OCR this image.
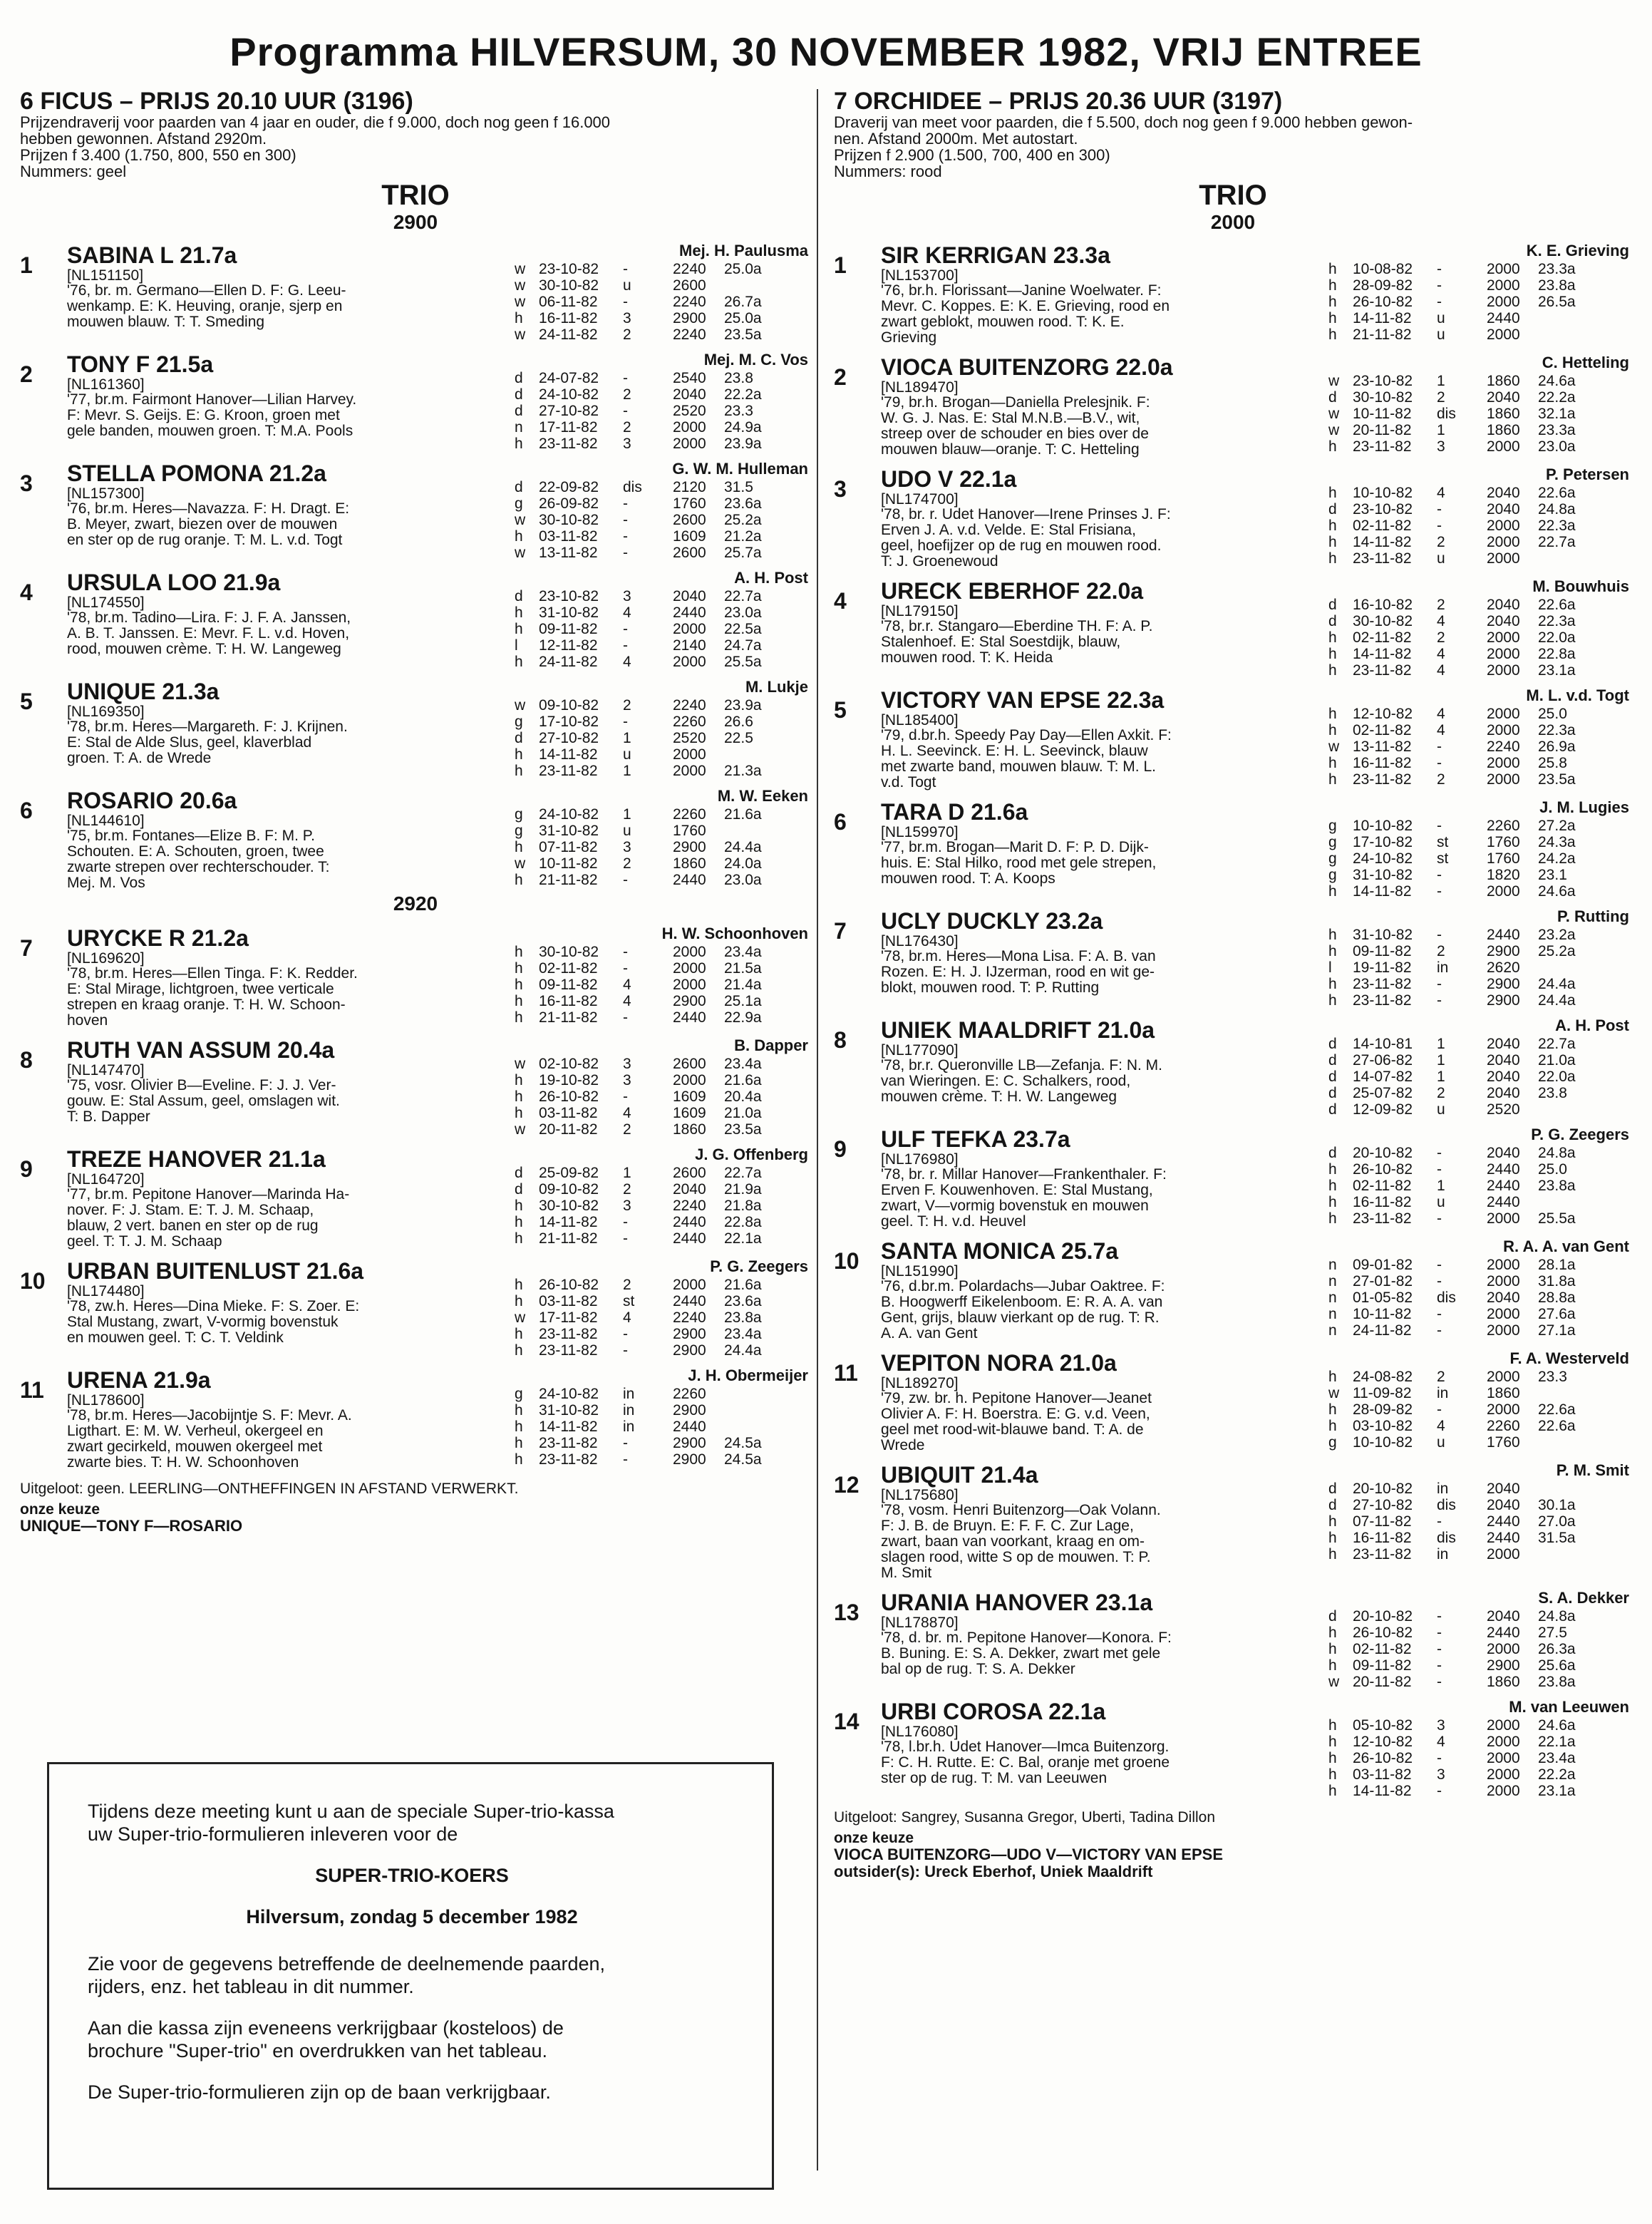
Programma HILVERSUM, 30 NOVEMBER 1982, VRIJ ENTREE
6 FICUS – PRIJS 20.10 UUR (3196)
Prijzendraverij voor paarden van 4 jaar en ouder, die f 9.000, doch nog geen f 16.000
hebben gewonnen. Afstand 2920m.
Prijzen f 3.400 (1.750, 800, 550 en 300)
Nummers: geel
TRIO
2900
1	SABINA L 21.7a
[NL151150]
'76, br. m. Germano—Ellen D. F: G. Leeu-
wenkamp. E: K. Heuving, oranje, sjerp en
mouwen blauw. T: T. Smeding
Mej. H. Paulusma
w 23-10-82	-	2240	25.0a
w 30-10-82	u	2600
w 06-11-82	-	2240	26.7a
h	16-11-82	3	2900	25.0a
w 24-11-82	2	2240	23.5a
2	TONY F 21.5a
[NL161360]
'77, br.m. Fairmont Hanover—Lilian Harvey.
F: Mevr. S. Geijs. E: G. Kroon, groen met
gele banden, mouwen groen. T: M.A. Pools
Mej. M. C. Vos
d	24-07-82	-	2540	23.8
d	24-10-82	2	2040	22.2a
d	27-10-82	-	2520	23.3
n	17-11-82	2	2000	24.9a
h	23-11-82	3	2000	23.9a
3	STELLA POMONA 21.2a
[NL157300]
'76, br.m. Heres—Navazza. F: H. Dragt. E:
B. Meyer, zwart, biezen over de mouwen
en ster op de rug oranje. T: M. L. v.d. Togt
G. W. M. Hulleman
d	22-09-82	dis	2120	31.5
g	26-09-82	-	1760	23.6a
w 30-10-82	-	2600	25.2a
h	03-11-82	-	1609	21.2a
w 13-11-82	-	2600	25.7a
4	URSULA LOO 21.9a
[NL174550]
'78, br.m. Tadino—Lira. F: J. F. A. Janssen,
A. B. T. Janssen. E: Mevr. F. L. v.d. Hoven,
rood, mouwen crème. T: H. W. Langeweg
A. H. Post
d	23-10-82	3	2040	22.7a
h	31-10-82	4	2440	23.0a
h	09-11-82	-	2000	22.5a
l	12-11-82	-	2140	24.7a
h	24-11-82	4	2000	25.5a
5	UNIQUE 21.3a
[NL169350]
'78, br.m. Heres—Margareth. F: J. Krijnen.
E: Stal de Alde Slus, geel, klaverblad
groen. T: A. de Wrede
M. Lukje
w 09-10-82	2	2240	23.9a
g	17-10-82	-	2260	26.6
d	27-10-82	1	2520	22.5
h	14-11-82	u	2000
h	23-11-82	1	2000	21.3a
6	ROSARIO 20.6a
[NL144610]
'75, br.m. Fontanes—Elize B. F: M. P.
Schouten. E: A. Schouten, groen, twee
zwarte strepen over rechterschouder. T:
Mej. M. Vos
M. W. Eeken
g	24-10-82	1	2260	21.6a
g	31-10-82	u	1760
h	07-11-82	3	2900	24.4a
w 10-11-82	2	1860	24.0a
h	21-11-82	-	2440	23.0a
2920
7	URYCKE R 21.2a
[NL169620]
'78, br.m. Heres—Ellen Tinga. F: K. Redder.
E: Stal Mirage, lichtgroen, twee verticale
strepen en kraag oranje. T: H. W. Schoon-
hoven
H. W. Schoonhoven
h	30-10-82	-	2000	23.4a
h	02-11-82	-	2000	21.5a
h	09-11-82	4	2000	21.4a
h	16-11-82	4	2900	25.1a
h	21-11-82	-	2440	22.9a
8	RUTH VAN ASSUM 20.4a
[NL147470]
'75, vosr. Olivier B—Eveline. F: J. J. Ver-
gouw. E: Stal Assum, geel, omslagen wit.
T: B. Dapper
B. Dapper
w 02-10-82	3	2600	23.4a
h	19-10-82	3	2000	21.6a
h	26-10-82	-	1609	20.4a
h	03-11-82	4	1609	21.0a
w 20-11-82	2	1860	23.5a
9	TREZE HANOVER 21.1a
[NL164720]
'77, br.m. Pepitone Hanover—Marinda Ha-
nover. F: J. Stam. E: T. J. M. Schaap,
blauw, 2 vert. banen en ster op de rug
geel. T: T. J. M. Schaap
J. G. Offenberg
d	25-09-82	1	2600	22.7a
d	09-10-82	2	2040	21.9a
h	30-10-82	3	2240	21.8a
h	14-11-82	-	2440	22.8a
h	21-11-82	-	2440	22.1a
10 URBAN BUITENLUST 21.6a
[NL174480]
'78, zw.h. Heres—Dina Mieke. F: S. Zoer. E:
Stal Mustang, zwart, V-vormig bovenstuk
en mouwen geel. T: C. T. Veldink
P. G. Zeegers
h	26-10-82	2	2000	21.6a
h	03-11-82	st	2440	23.6a
w 17-11-82	4	2240	23.8a
h	23-11-82	-	2900	23.4a
h	23-11-82	-	2900	24.4a
11	URENA 21.9a
[NL178600]
'78, br.m. Heres—Jacobijntje S. F: Mevr. A.
Ligthart. E: M. W. Verheul, okergeel en
zwart gecirkeld, mouwen okergeel met
zwarte bies. T: H. W. Schoonhoven
J. H. Obermeijer
g	24-10-82	in	2260
h	31-10-82	in	2900
h	14-11-82	in	2440
h	23-11-82	-	2900	24.5a
h	23-11-82	-	2900	24.5a
Uitgeloot: geen. LEERLING—ONTHEFFINGEN IN AFSTAND VERWERKT.
onze keuze
UNIQUE—TONY F—ROSARIO
7 ORCHIDEE – PRIJS 20.36 UUR (3197)
Draverij van meet voor paarden, die f 5.500, doch nog geen f 9.000 hebben gewon-
nen. Afstand 2000m. Met autostart.
Prijzen f 2.900 (1.500, 700, 400 en 300)
Nummers: rood
TRIO
2000
1	SIR KERRIGAN 23.3a
[NL153700]
'76, br.h. Florissant—Janine Woelwater. F:
Mevr. C. Koppes. E: K. E. Grieving, rood en
zwart geblokt, mouwen rood. T: K. E.
Grieving
K. E. Grieving
h	10-08-82	-	2000	23.3a
h	28-09-82	-	2000	23.8a
h	26-10-82	-	2000	26.5a
h	14-11-82	u	2440
h	21-11-82	u	2000
2	VIOCA BUITENZORG 22.0a
[NL189470]
'79, br.h. Brogan—Daniella Prelesjnik. F:
W. G. J. Nas. E: Stal M.N.B.—B.V., wit,
streep over de schouder en bies over de
mouwen blauw—oranje. T: C. Hetteling
C. Hetteling
w 23-10-82	1	1860	24.6a
d	30-10-82	2	2040	22.2a
w 10-11-82	dis	1860	32.1a
w 20-11-82	1	1860	23.3a
h	23-11-82	3	2000	23.0a
3	UDO V 22.1a
[NL174700]
'78, br. r. Udet Hanover—Irene Prinses J. F:
Erven J. A. v.d. Velde. E: Stal Frisiana,
geel, hoefijzer op de rug en mouwen rood.
T: J. Groenewoud
P. Petersen
h	10-10-82	4	2040	22.6a
d	23-10-82	-	2040	24.8a
h	02-11-82	-	2000	22.3a
h	14-11-82	2	2000	22.7a
h	23-11-82	u	2000
4	URECK EBERHOF 22.0a
[NL179150]
'78, br.r. Stangaro—Eberdine TH. F: A. P.
Stalenhoef. E: Stal Soestdijk, blauw,
mouwen rood. T: K. Heida
M. Bouwhuis
d	16-10-82	2	2040	22.6a
d	30-10-82	4	2040	22.3a
h	02-11-82	2	2000	22.0a
h	14-11-82	4	2000	22.8a
h	23-11-82	4	2000	23.1a
5	VICTORY VAN EPSE 22.3a
[NL185400]
'79, d.br.h. Speedy Pay Day—Ellen Axkit. F:
H. L. Seevinck. E: H. L. Seevinck, blauw
met zwarte band, mouwen blauw. T: M. L.
v.d. Togt
M. L. v.d. Togt
h	12-10-82	4	2000	25.0
h	02-11-82	4	2000	22.3a
w 13-11-82	-	2240	26.9a
h	16-11-82	-	2000	25.8
h	23-11-82	2	2000	23.5a
6	TARA D 21.6a
[NL159970]
'77, br.m. Brogan—Marit D. F: P. D. Dijk-
huis. E: Stal Hilko, rood met gele strepen,
mouwen rood. T: A. Koops
J. M. Lugies
g	10-10-82	-	2260	27.2a
g	17-10-82	st	1760	24.3a
g	24-10-82	st	1760	24.2a
g	31-10-82	-	1820	23.1
h	14-11-82	-	2000	24.6a
7	UCLY DUCKLY 23.2a
[NL176430]
'78, br.m. Heres—Mona Lisa. F: A. B. van
Rozen. E: H. J. IJzerman, rood en wit ge-
blokt, mouwen rood. T: P. Rutting
P. Rutting
h	31-10-82	-	2440	23.2a
h	09-11-82	2	2900	25.2a
l	19-11-82	in	2620
h	23-11-82	-	2900	24.4a
h	23-11-82	-	2900	24.4a
8	UNIEK MAALDRIFT 21.0a
[NL177090]
'78, br.r. Queronville LB—Zefanja. F: N. M.
van Wieringen. E: C. Schalkers, rood,
mouwen crème. T: H. W. Langeweg
A. H. Post
d	14-10-81	1	2040	22.7a
d	27-06-82	1	2040	21.0a
d	14-07-82	1	2040	22.0a
d	25-07-82	2	2040	23.8
d	12-09-82	u	2520
9	ULF TEFKA 23.7a
[NL176980]
'78, br. r. Millar Hanover—Frankenthaler. F:
Erven F. Kouwenhoven. E: Stal Mustang,
zwart, V—vormig bovenstuk en mouwen
geel. T: H. v.d. Heuvel
P. G. Zeegers
d	20-10-82	-	2040	24.8a
h	26-10-82	-	2440	25.0
h	02-11-82	1	2440	23.8a
h	16-11-82	u	2440
h	23-11-82	-	2000	25.5a
10 SANTA MONICA 25.7a
[NL151990]
'76, d.br.m. Polardachs—Jubar Oaktree. F:
B. Hoogwerff Eikelenboom. E: R. A. A. van
Gent, grijs, blauw vierkant op de rug. T: R.
A. A. van Gent
R. A. A. van Gent
n	09-01-82	-	2000	28.1a
n	27-01-82	-	2000	31.8a
n	01-05-82	dis	2040	28.8a
n	10-11-82	-	2000	27.6a
n	24-11-82	-	2000	27.1a
11	VEPITON NORA 21.0a
[NL189270]
'79, zw. br. h. Pepitone Hanover—Jeanet
Olivier A. F: H. Boerstra. E: G. v.d. Veen,
geel met rood-wit-blauwe band. T: A. de
Wrede
F. A. Westerveld
h	24-08-82	2	2000	23.3
w 11-09-82	in	1860
h	28-09-82	-	2000	22.6a
h	03-10-82	4	2260	22.6a
g	10-10-82	u	1760
12 UBIQUIT 21.4a
[NL175680]
'78, vosm. Henri Buitenzorg—Oak Volann.
F: J. B. de Bruyn. E: F. F. C. Zur Lage,
zwart, baan van voorkant, kraag en om-
slagen rood, witte S op de mouwen. T: P.
M. Smit
P. M. Smit
d	20-10-82	in	2040
d	27-10-82	dis	2040	30.1a
h	07-11-82	-	2440	27.0a
h	16-11-82	dis	2440	31.5a
h	23-11-82	in	2000
13 URANIA HANOVER 23.1a
[NL178870]
'78, d. br. m. Pepitone Hanover—Konora. F:
B. Buning. E: S. A. Dekker, zwart met gele
bal op de rug. T: S. A. Dekker
S. A. Dekker
d	20-10-82	-	2040	24.8a
h	26-10-82	-	2440	27.5
h	02-11-82	-	2000	26.3a
h	09-11-82	-	2900	25.6a
w 20-11-82	-	1860	23.8a
14 URBI COROSA 22.1a
[NL176080]
'78, l.br.h. Udet Hanover—Imca Buitenzorg.
F: C. H. Rutte. E: C. Bal, oranje met groene
ster op de rug. T: M. van Leeuwen
M. van Leeuwen
h	05-10-82	3	2000	24.6a
h	12-10-82	4	2000	22.1a
h	26-10-82	-	2000	23.4a
h	03-11-82	3	2000	22.2a
h	14-11-82	-	2000	23.1a
Uitgeloot: Sangrey, Susanna Gregor, Uberti, Tadina Dillon
onze keuze
VIOCA BUITENZORG—UDO V—VICTORY VAN EPSE
outsider(s): Ureck Eberhof, Uniek Maaldrift
Tijdens deze meeting kunt u aan de speciale Super-trio-kassa
uw Super-trio-formulieren inleveren voor de
SUPER-TRIO-KOERS
Hilversum, zondag 5 december 1982
Zie voor de gegevens betreffende de deelnemende paarden,
rijders, enz. het tableau in dit nummer.
Aan die kassa zijn eveneens verkrijgbaar (kosteloos) de
brochure "Super-trio" en overdrukken van het tableau.
De Super-trio-formulieren zijn op de baan verkrijgbaar.
